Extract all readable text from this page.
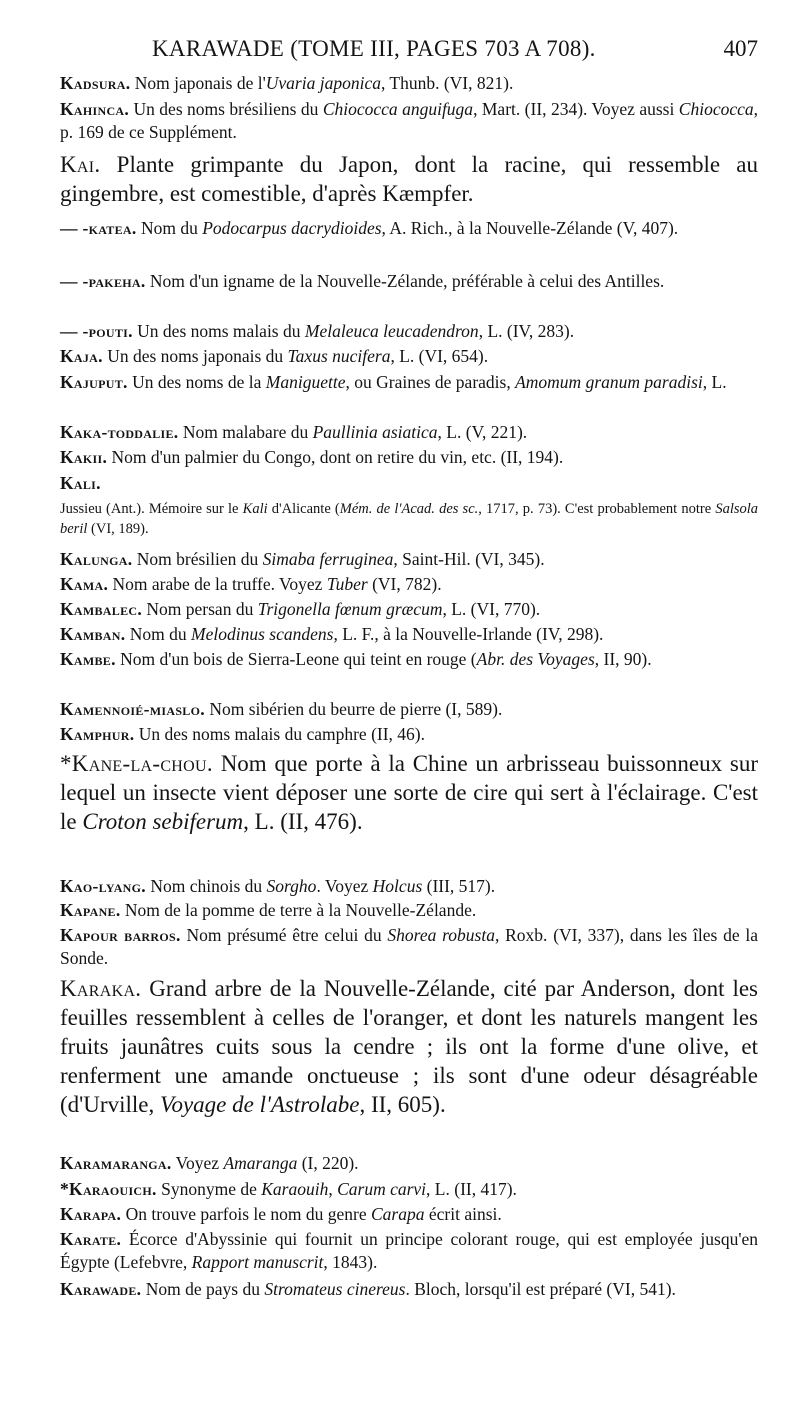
KARAWADE (TOME III, PAGES 703 A 708).	407
Kadsura. Nom japonais de l'Uvaria japonica, Thunb. (VI, 821).
Kahinca. Un des noms brésiliens du Chiococca anguifuga, Mart. (II, 234). Voyez aussi Chiococca, p. 169 de ce Supplément.
Kai. Plante grimpante du Japon, dont la racine, qui ressemble au gingembre, est comestible, d'après Kæmpfer.
— -katea. Nom du Podocarpus dacrydioides, A. Rich., à la Nouvelle-Zélande (V, 407).
— -pakeha. Nom d'un igname de la Nouvelle-Zélande, préférable à celui des Antilles.
— -pouti. Un des noms malais du Melaleuca leucadendron, L. (IV, 283).
Kaja. Un des noms japonais du Taxus nucifera, L. (VI, 654).
Kajuput. Un des noms de la Maniguette, ou Graines de paradis, Amomum granum paradisi, L.
Kaka-toddalie. Nom malabare du Paullinia asiatica, L. (V, 221).
Kakii. Nom d'un palmier du Congo, dont on retire du vin, etc. (II, 194).
Kali.
Jussieu (Ant.). Mémoire sur le Kali d'Alicante (Mém. de l'Acad. des sc., 1717, p. 73). C'est probablement notre Salsola beril (VI, 189).
Kalunga. Nom brésilien du Simaba ferruginea, Saint-Hil. (VI, 345).
Kama. Nom arabe de la truffe. Voyez Tuber (VI, 782).
Kambalec. Nom persan du Trigonella fœnum græcum, L. (VI, 770).
Kamban. Nom du Melodinus scandens, L. F., à la Nouvelle-Irlande (IV, 298).
Kambe. Nom d'un bois de Sierra-Leone qui teint en rouge (Abr. des Voyages, II, 90).
Kamennoié-miaslo. Nom sibérien du beurre de pierre (I, 589).
Kamphur. Un des noms malais du camphre (II, 46).
*Kane-la-chou. Nom que porte à la Chine un arbrisseau buissonneux sur lequel un insecte vient déposer une sorte de cire qui sert à l'éclairage. C'est le Croton sebiferum, L. (II, 476).
Kao-lyang. Nom chinois du Sorgho. Voyez Holcus (III, 517).
Kapane. Nom de la pomme de terre à la Nouvelle-Zélande.
Kapour barros. Nom présumé être celui du Shorea robusta, Roxb. (VI, 337), dans les îles de la Sonde.
Karaka. Grand arbre de la Nouvelle-Zélande, cité par Anderson, dont les feuilles ressemblent à celles de l'oranger, et dont les naturels mangent les fruits jaunâtres cuits sous la cendre ; ils ont la forme d'une olive, et renferment une amande onctueuse ; ils sont d'une odeur désagréable (d'Urville, Voyage de l'Astrolabe, II, 605).
Karamaranga. Voyez Amaranga (I, 220).
*Karaouich. Synonyme de Karaouih, Carum carvi, L. (II, 417).
Karapa. On trouve parfois le nom du genre Carapa écrit ainsi.
Karate. Écorce d'Abyssinie qui fournit un principe colorant rouge, qui est employée jusqu'en Égypte (Lefebvre, Rapport manuscrit, 1843).
Karawade. Nom de pays du Stromateus cinereus. Bloch, lorsqu'il est préparé (VI, 541).
